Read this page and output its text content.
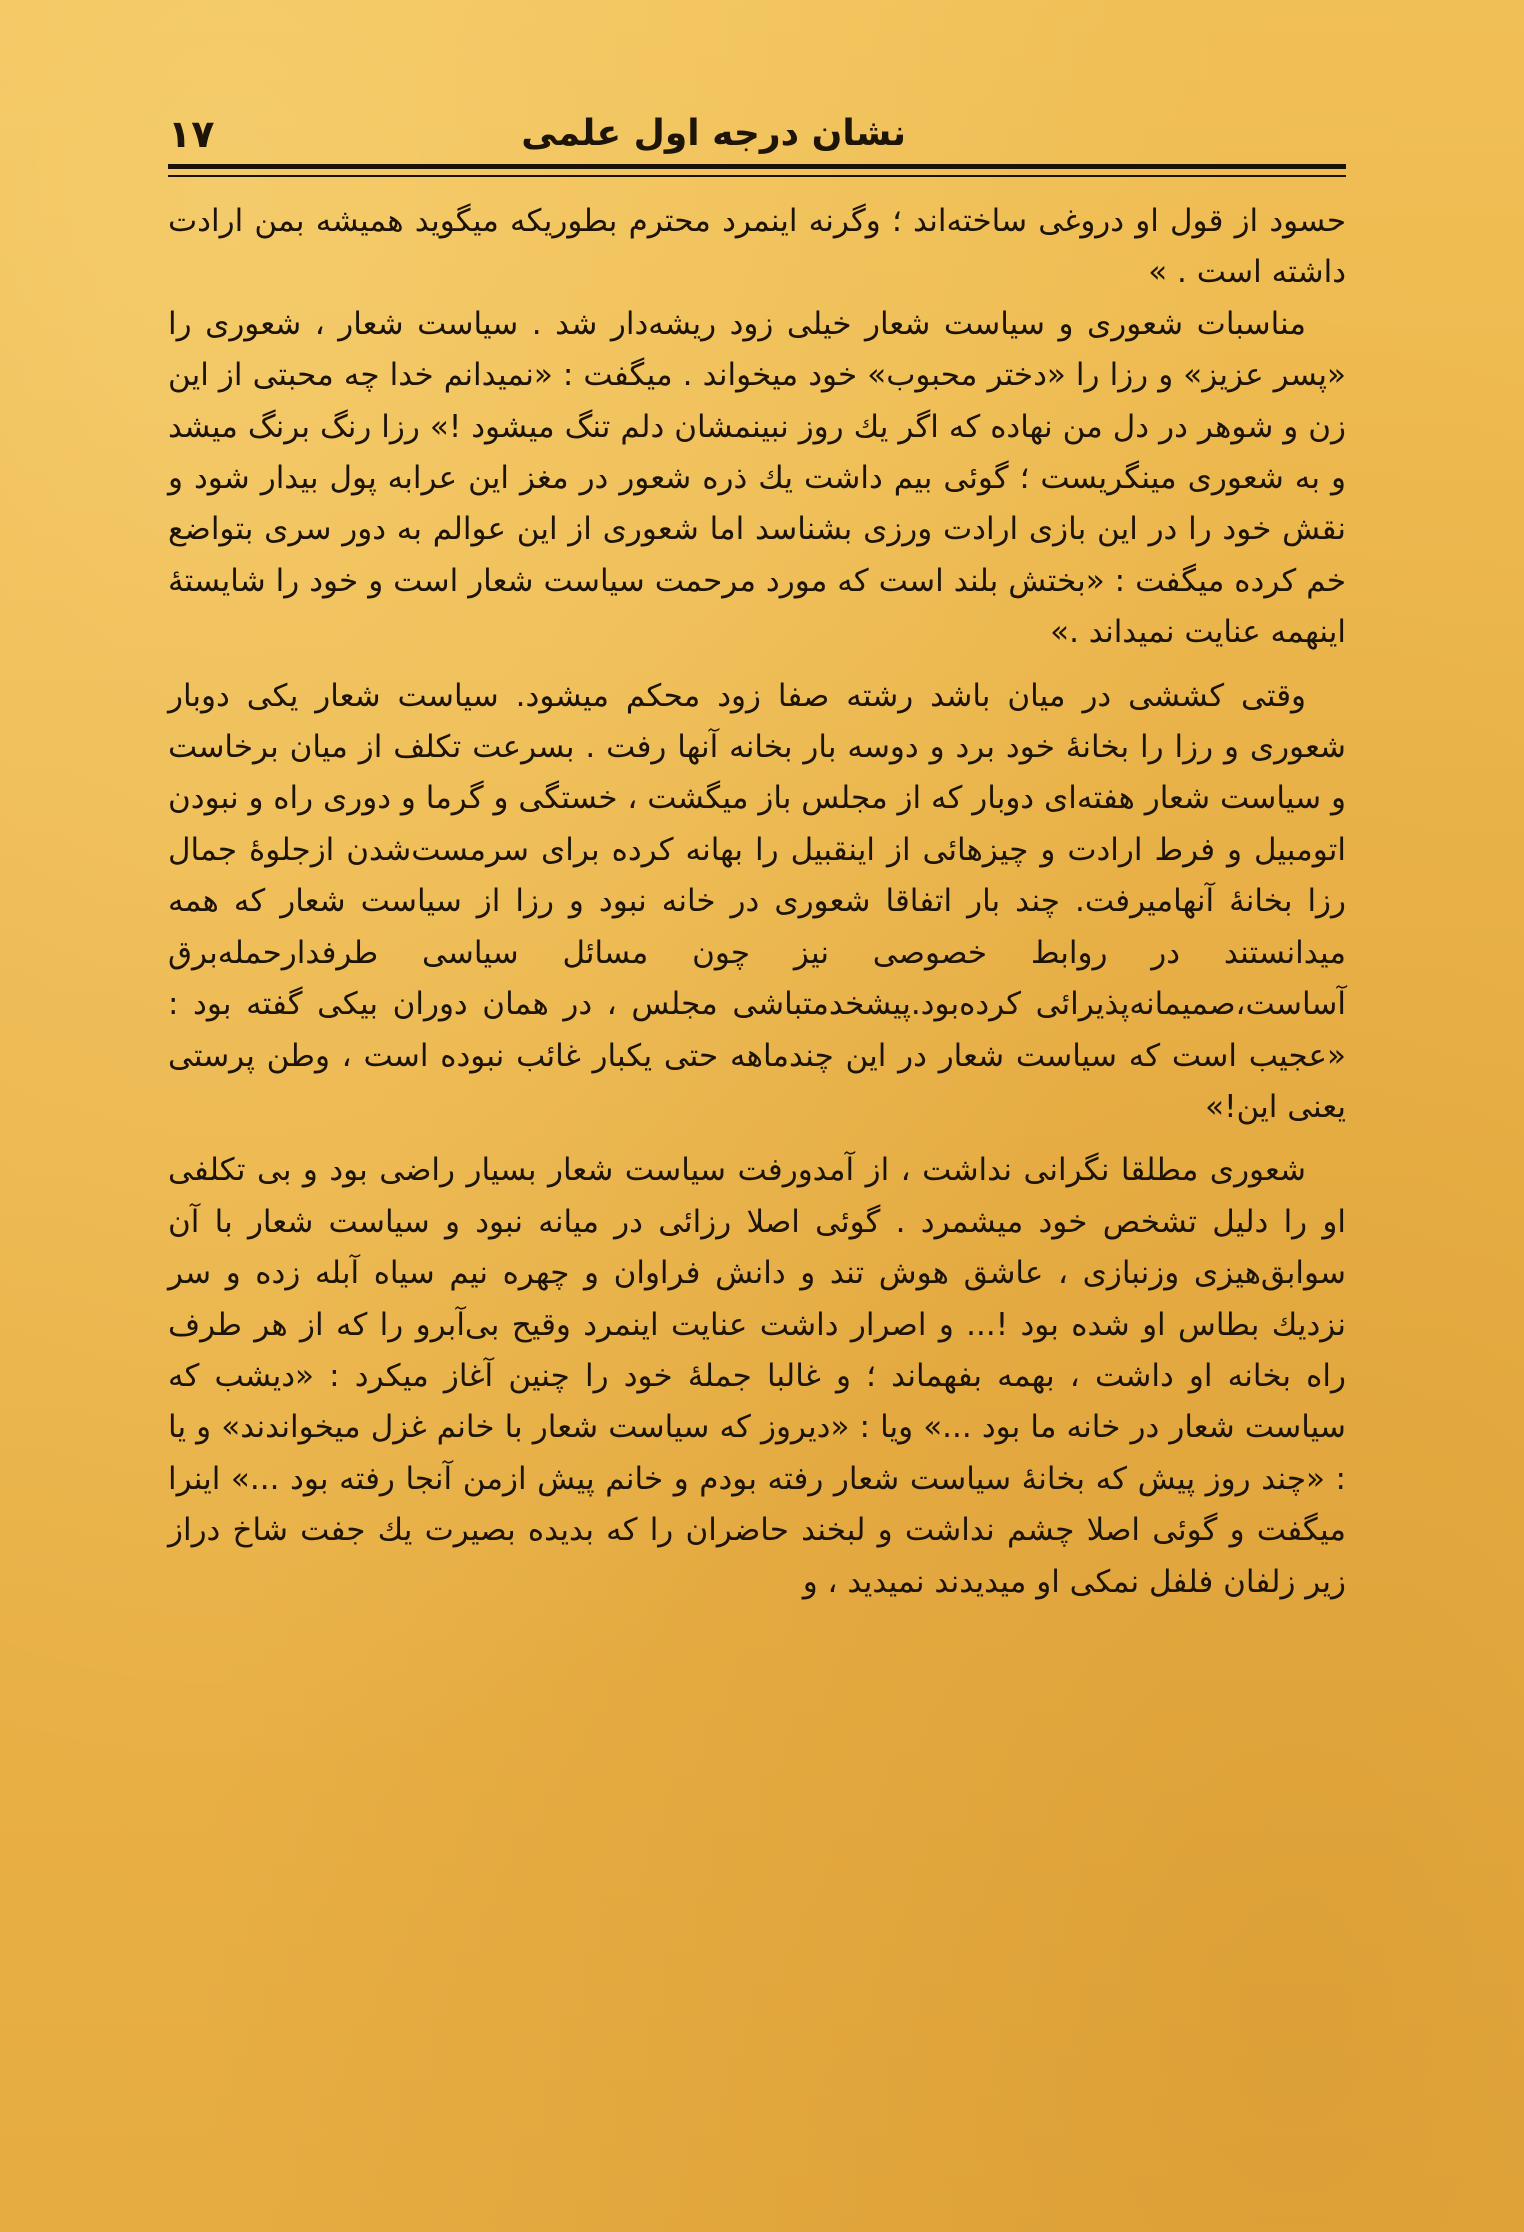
نشان درجه اول علمی
۱۷

حسود از قول او دروغی ساخته‌اند ؛ وگرنه اینمرد محترم بطوریکه میگوید همیشه بمن ارادت داشته است . »

مناسبات شعوری و سیاست شعار خیلی زود ریشه‌دار شد . سیاست شعار ، شعوری را «پسر عزیز» و رزا را «دختر محبوب» خود میخواند . میگفت : «نمیدانم خدا چه محبتی از این زن و شوهر در دل من نهاده که اگر یك روز نبینمشان دلم تنگ میشود !» رزا رنگ برنگ میشد و به شعوری مینگریست ؛ گوئی بیم داشت یك ذره شعور در مغز این عرابه پول بیدار شود و نقش خود را در این بازی ارادت ورزی بشناسد اما شعوری از این عوالم به دور سری بتواضع خم کرده میگفت : «بختش بلند است که مورد مرحمت سیاست شعار است و خود را شایستهٔ اینهمه عنایت نمیداند .»

وقتی کششی در میان باشد رشته صفا زود محکم میشود. سیاست شعار یکی دوبار شعوری و رزا را بخانهٔ خود برد و دوسه بار بخانه آنها رفت . بسرعت تکلف از میان برخاست و سیاست شعار هفته‌ای دوبار که از مجلس باز میگشت ، خستگی و گرما و دوری راه و نبودن اتومبیل و فرط ارادت و چیزهائی از اینقبیل را بهانه کرده برای سرمست‌شدن ازجلوهٔ جمال رزا بخانهٔ آنهامیرفت. چند بار اتفاقا شعوری در خانه نبود و رزا از سیاست شعار که همه میدانستند در روابط خصوصی نیز چون مسائل سیاسی طرفدارحمله‌برق آساست،صمیمانه‌پذیرائی کرده‌بود.پیشخدمتباشی مجلس ، در همان دوران بیکی گفته بود : «عجیب است که سیاست شعار در این چندماهه حتی یکبار غائب نبوده است ، وطن پرستی یعنی این!»

شعوری مطلقا نگرانی نداشت ، از آمدورفت سیاست شعار بسیار راضی بود و بی تکلفی او را دلیل تشخص خود میشمرد . گوئی اصلا رزائی در میانه نبود و سیاست شعار با آن سوابق‌هیزی وزنبازی ، عاشق هوش تند و دانش فراوان و چهره نیم سیاه آبله زده و سر نزدیك بطاس او شده بود !... و اصرار داشت عنایت اینمرد وقیح بی‌آبرو را که از هر طرف راه بخانه او داشت ، بهمه بفهماند ؛ و غالبا جملهٔ خود را چنین آغاز میکرد : «دیشب که سیاست شعار در خانه ما بود ...» ویا : «دیروز که سیاست شعار با خانم غزل میخواندند» و یا : «چند روز پیش که بخانهٔ سیاست شعار رفته بودم و خانم پیش ازمن آنجا رفته بود ...» اینرا میگفت و گوئی اصلا چشم نداشت و لبخند حاضران را که بدیده بصیرت یك جفت شاخ دراز زیر زلفان فلفل نمکی او میدیدند نمیدید ، و
